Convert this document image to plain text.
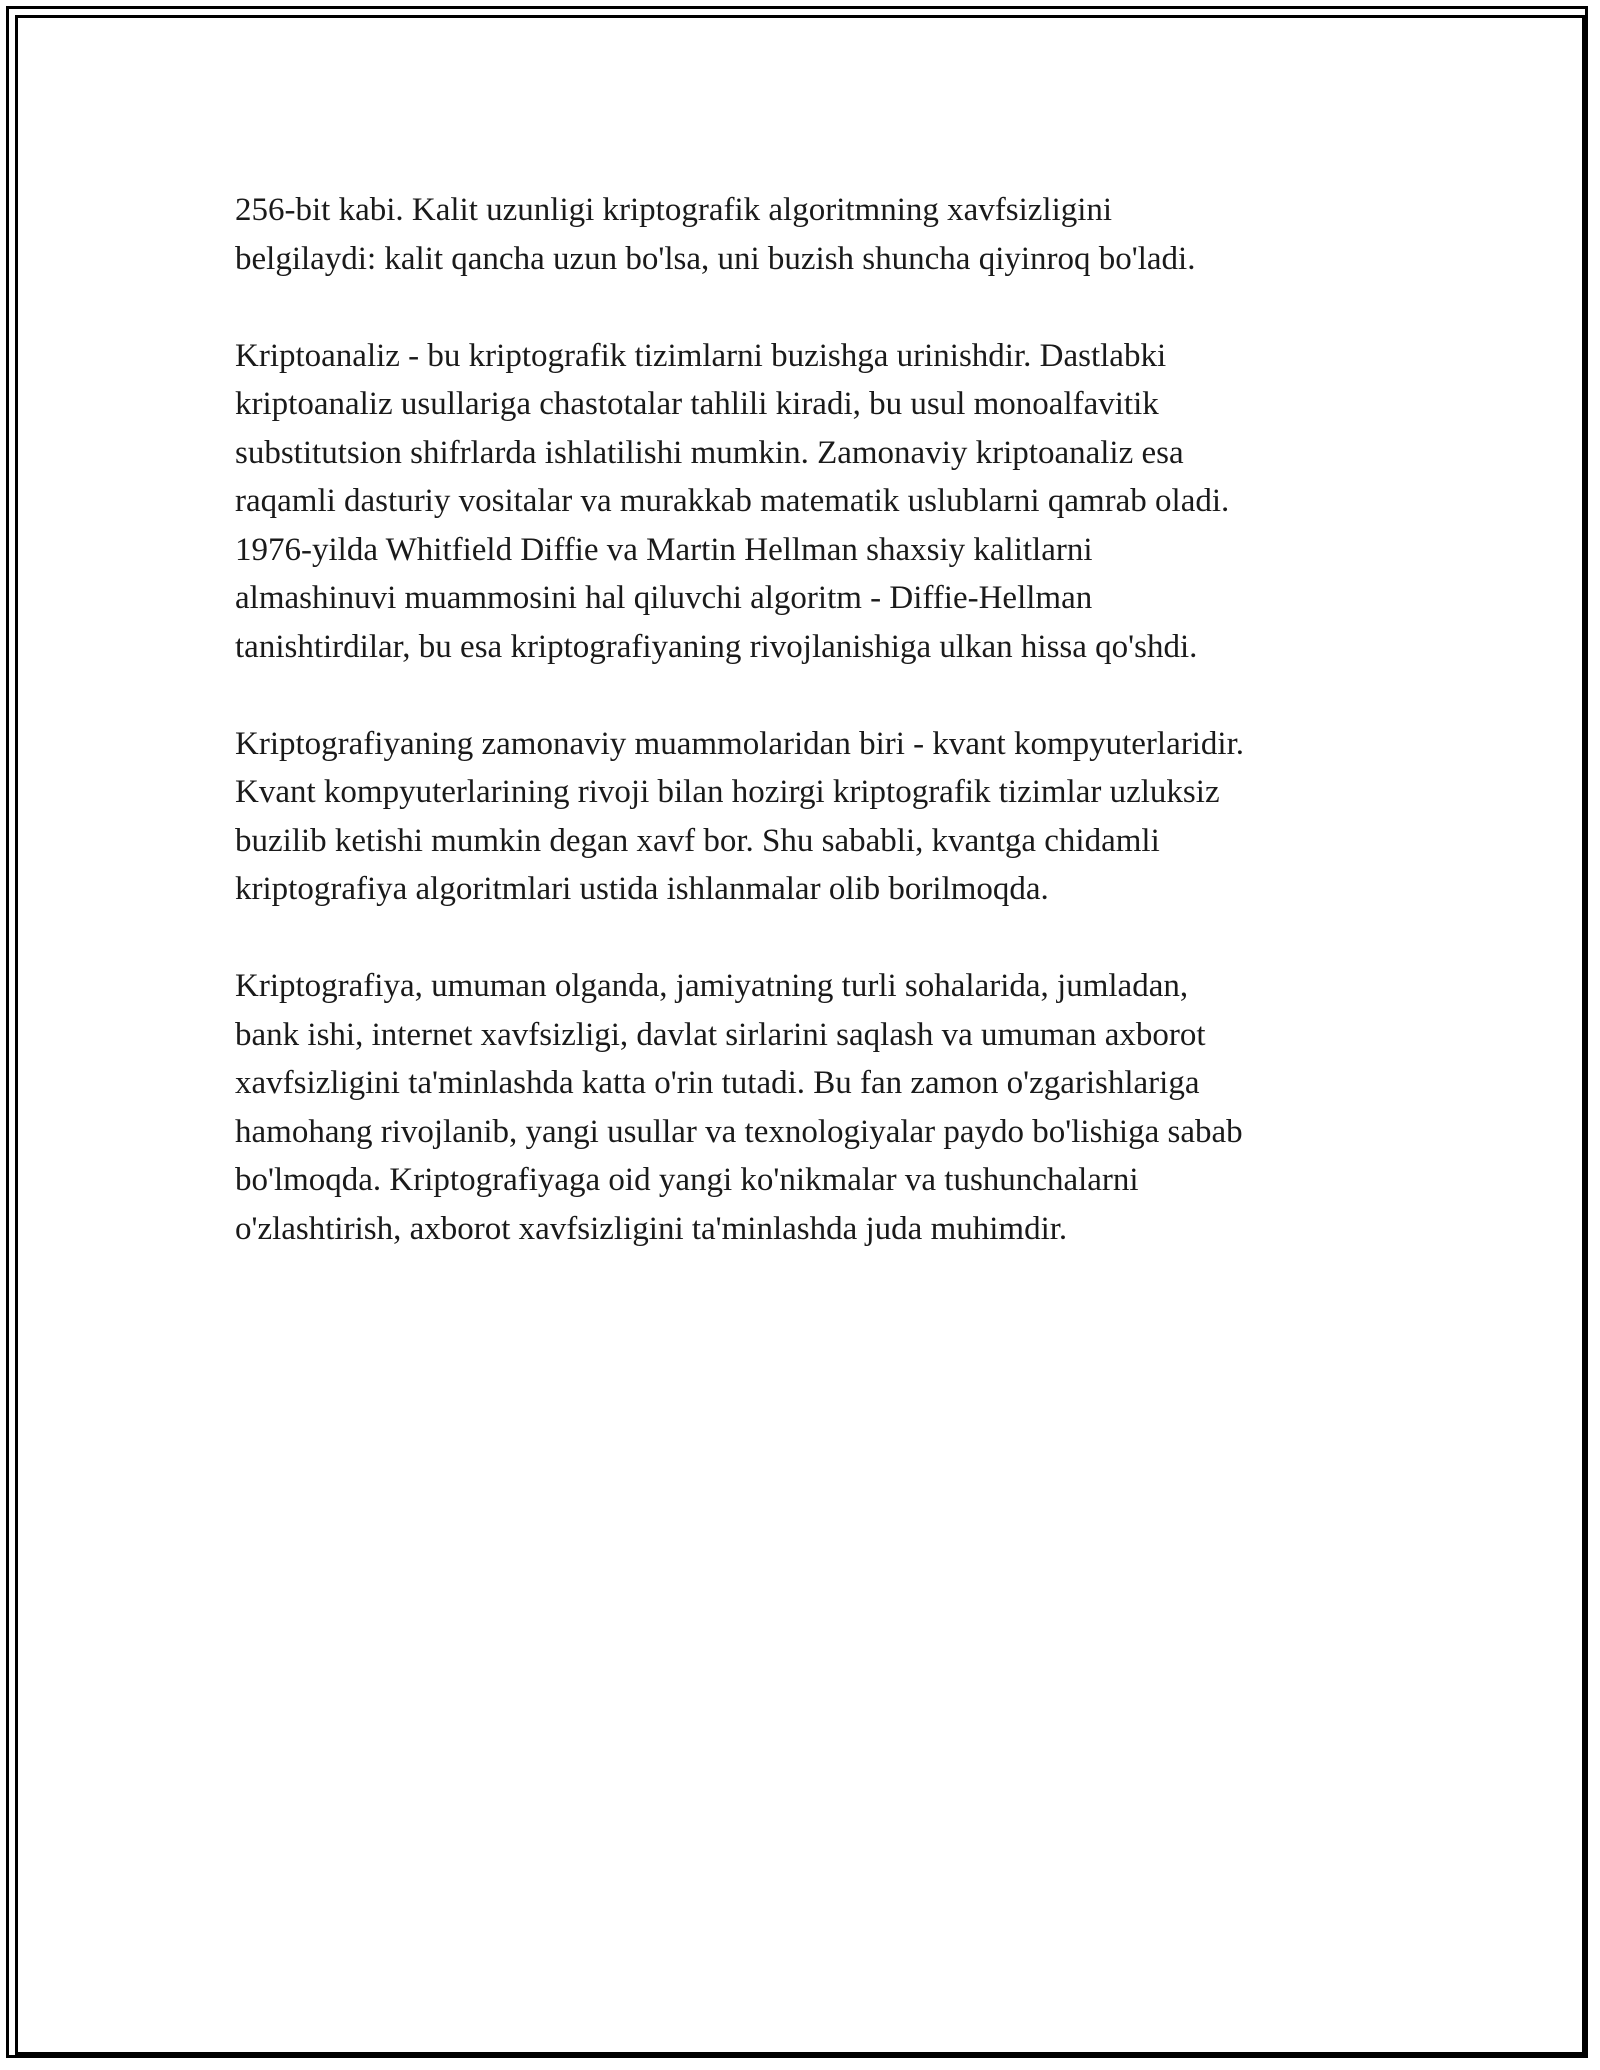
256-bit kabi. Kalit uzunligi kriptografik algoritmning xavfsizligini
belgilaydi: kalit qancha uzun bo'lsa, uni buzish shuncha qiyinroq bo'ladi.

Kriptoanaliz - bu kriptografik tizimlarni buzishga urinishdir. Dastlabki
kriptoanaliz usullariga chastotalar tahlili kiradi, bu usul monoalfavitik
substitutsion shifrlarda ishlatilishi mumkin. Zamonaviy kriptoanaliz esa
raqamli dasturiy vositalar va murakkab matematik uslublarni qamrab oladi.
1976-yilda Whitfield Diffie va Martin Hellman shaxsiy kalitlarni
almashinuvi muammosini hal qiluvchi algoritm - Diffie-Hellman
tanishtirdilar, bu esa kriptografiyaning rivojlanishiga ulkan hissa qo'shdi.

Kriptografiyaning zamonaviy muammolaridan biri - kvant kompyuterlaridir.
Kvant kompyuterlarining rivoji bilan hozirgi kriptografik tizimlar uzluksiz
buzilib ketishi mumkin degan xavf bor. Shu sababli, kvantga chidamli
kriptografiya algoritmlari ustida ishlanmalar olib borilmoqda.

Kriptografiya, umuman olganda, jamiyatning turli sohalarida, jumladan,
bank ishi, internet xavfsizligi, davlat sirlarini saqlash va umuman axborot
xavfsizligini ta'minlashda katta o'rin tutadi. Bu fan zamon o'zgarishlariga
hamohang rivojlanib, yangi usullar va texnologiyalar paydo bo'lishiga sabab
bo'lmoqda. Kriptografiyaga oid yangi ko'nikmalar va tushunchalarni
o'zlashtirish, axborot xavfsizligini ta'minlashda juda muhimdir.
